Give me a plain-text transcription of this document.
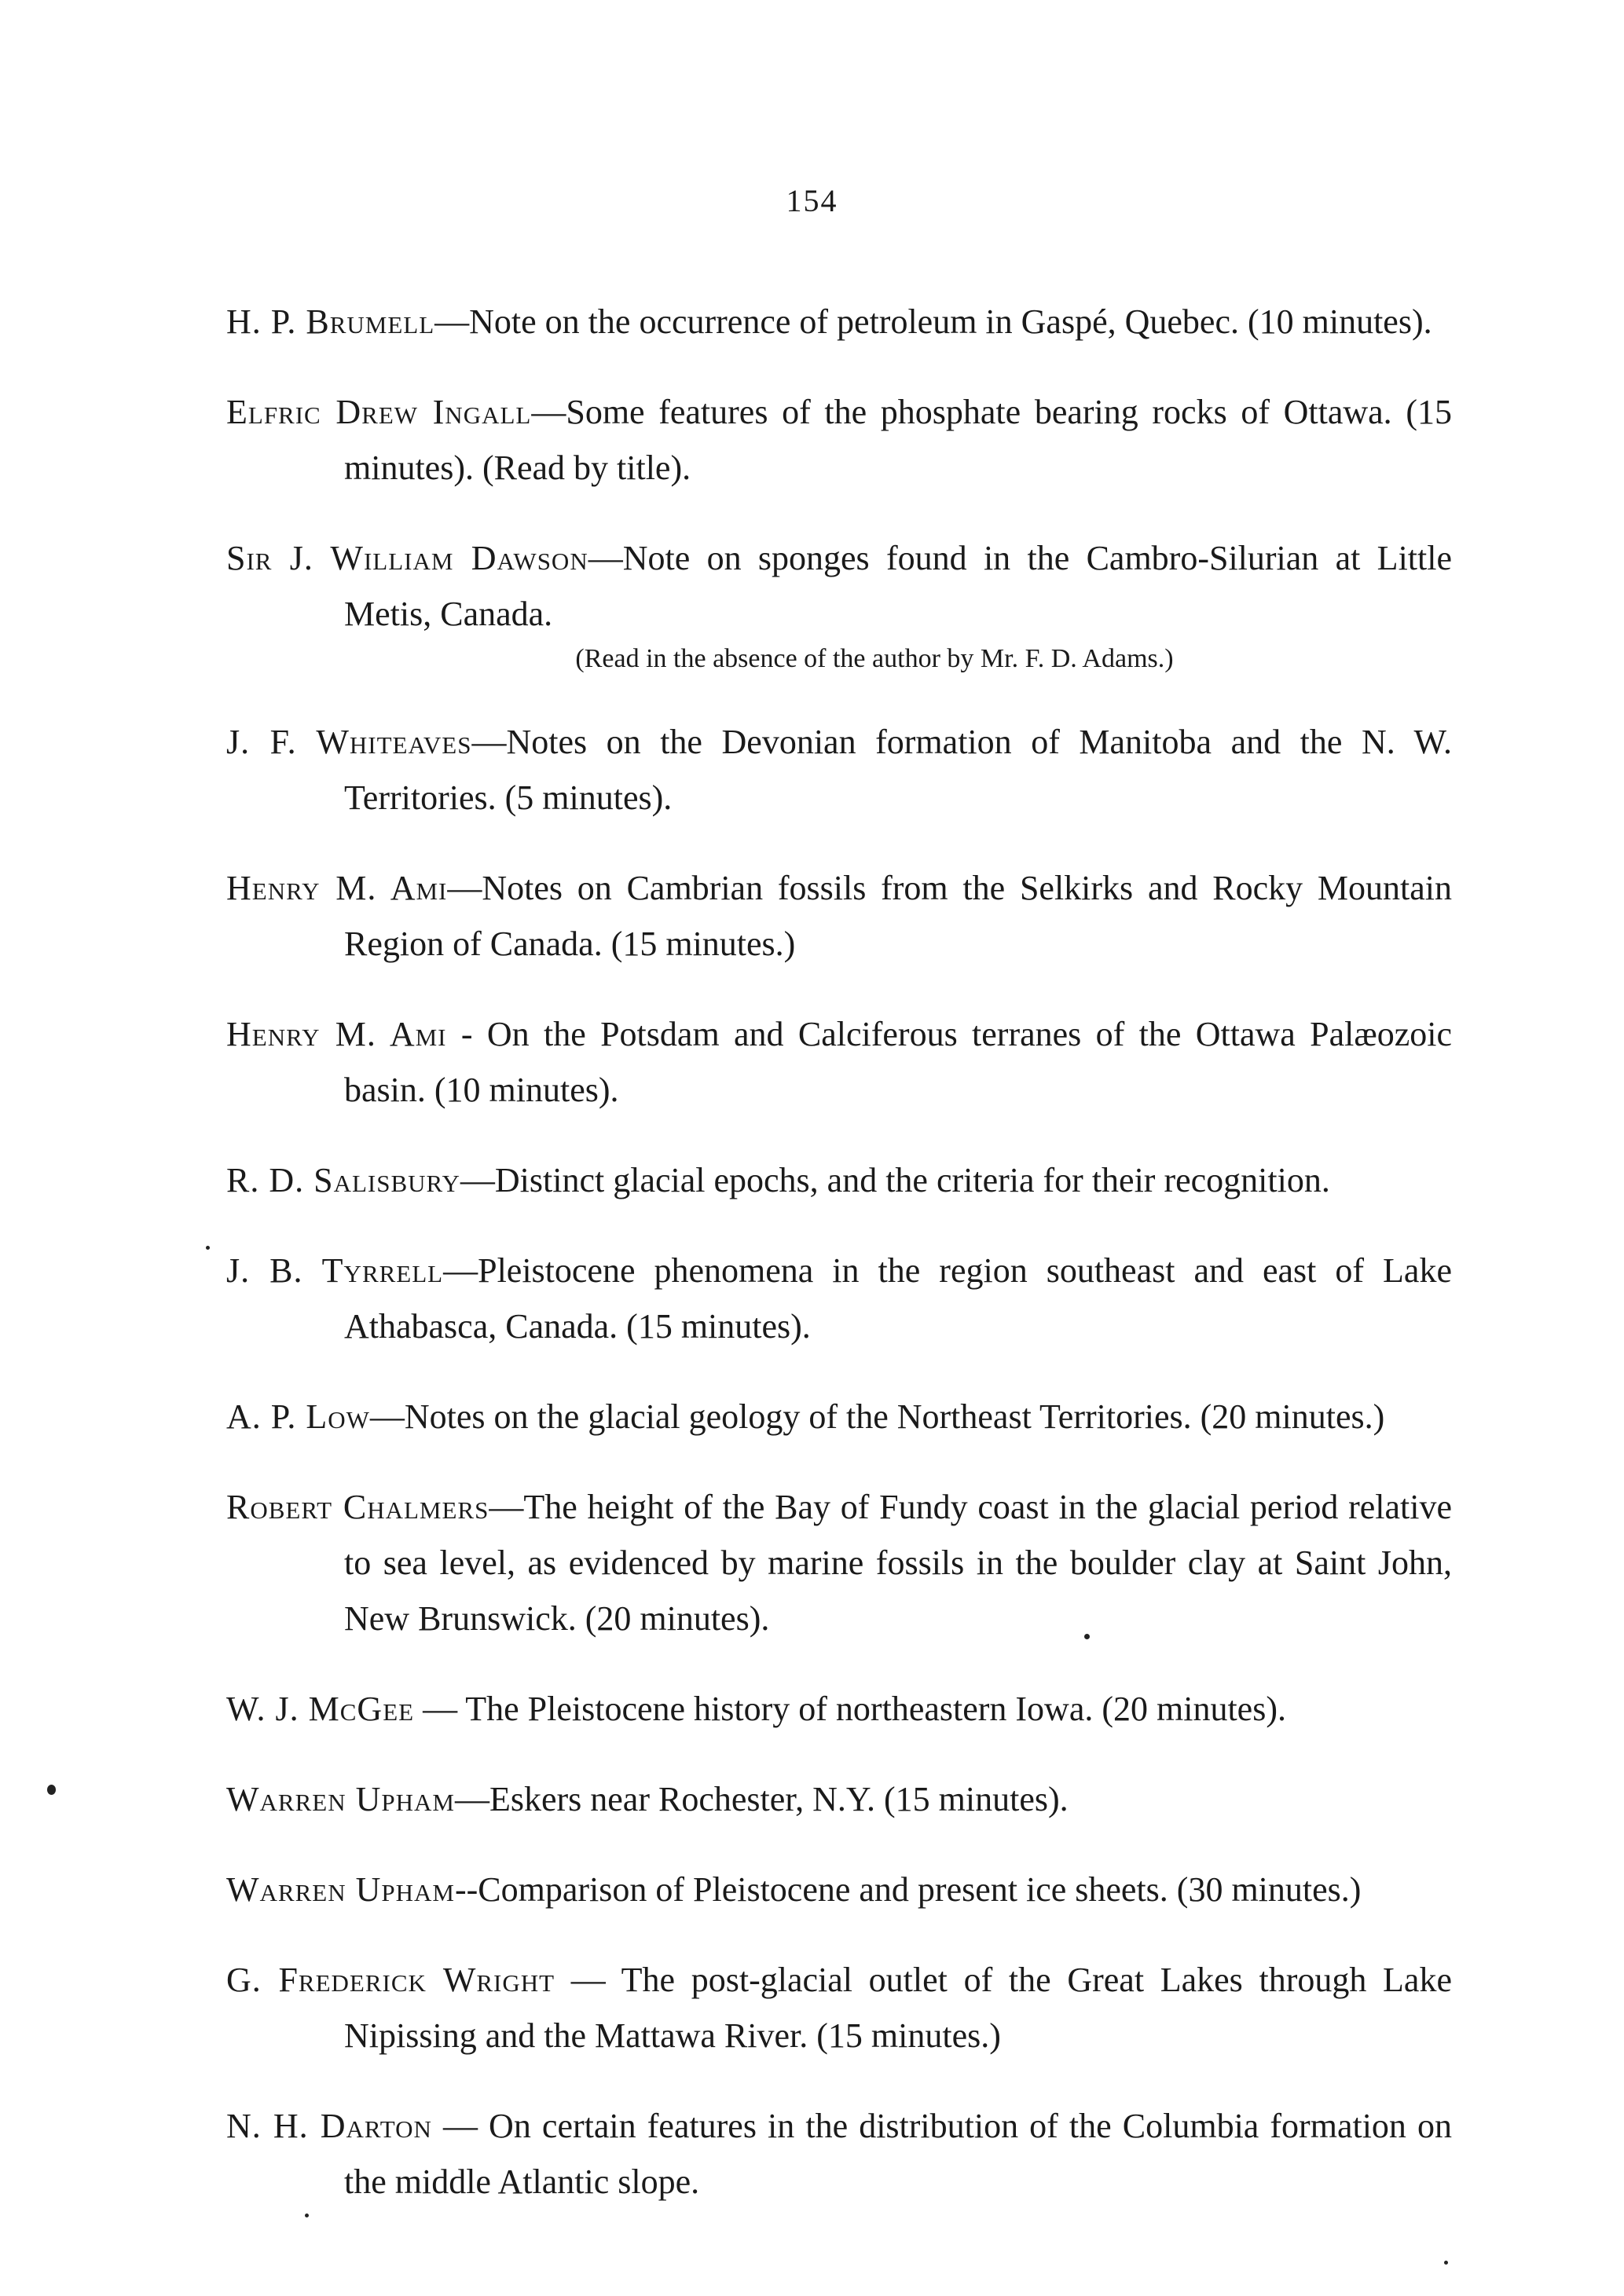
154

H. P. Brumell—Note on the occurrence of petroleum in Gaspé, Quebec. (10 minutes).

Elfric Drew Ingall—Some features of the phosphate bearing rocks of Ottawa. (15 minutes). (Read by title).

Sir J. William Dawson—Note on sponges found in the Cambro-Silurian at Little Metis, Canada.
(Read in the absence of the author by Mr. F. D. Adams.)

J. F. Whiteaves—Notes on the Devonian formation of Manitoba and the N. W. Territories. (5 minutes).

Henry M. Ami—Notes on Cambrian fossils from the Selkirks and Rocky Mountain Region of Canada. (15 minutes.)

Henry M. Ami - On the Potsdam and Calciferous terranes of the Ottawa Palæozoic basin. (10 minutes).

R. D. Salisbury—Distinct glacial epochs, and the criteria for their recognition.

J. B. Tyrrell—Pleistocene phenomena in the region southeast and east of Lake Athabasca, Canada. (15 minutes).

A. P. Low—Notes on the glacial geology of the Northeast Territories. (20 minutes.)

Robert Chalmers—The height of the Bay of Fundy coast in the glacial period relative to sea level, as evidenced by marine fossils in the boulder clay at Saint John, New Brunswick. (20 minutes).

W. J. McGee — The Pleistocene history of northeastern Iowa. (20 minutes).

Warren Upham—Eskers near Rochester, N.Y. (15 minutes).

Warren Upham--Comparison of Pleistocene and present ice sheets. (30 minutes.)

G. Frederick Wright — The post-glacial outlet of the Great Lakes through Lake Nipissing and the Mattawa River. (15 minutes.)

N. H. Darton — On certain features in the distribution of the Columbia formation on the middle Atlantic slope.
